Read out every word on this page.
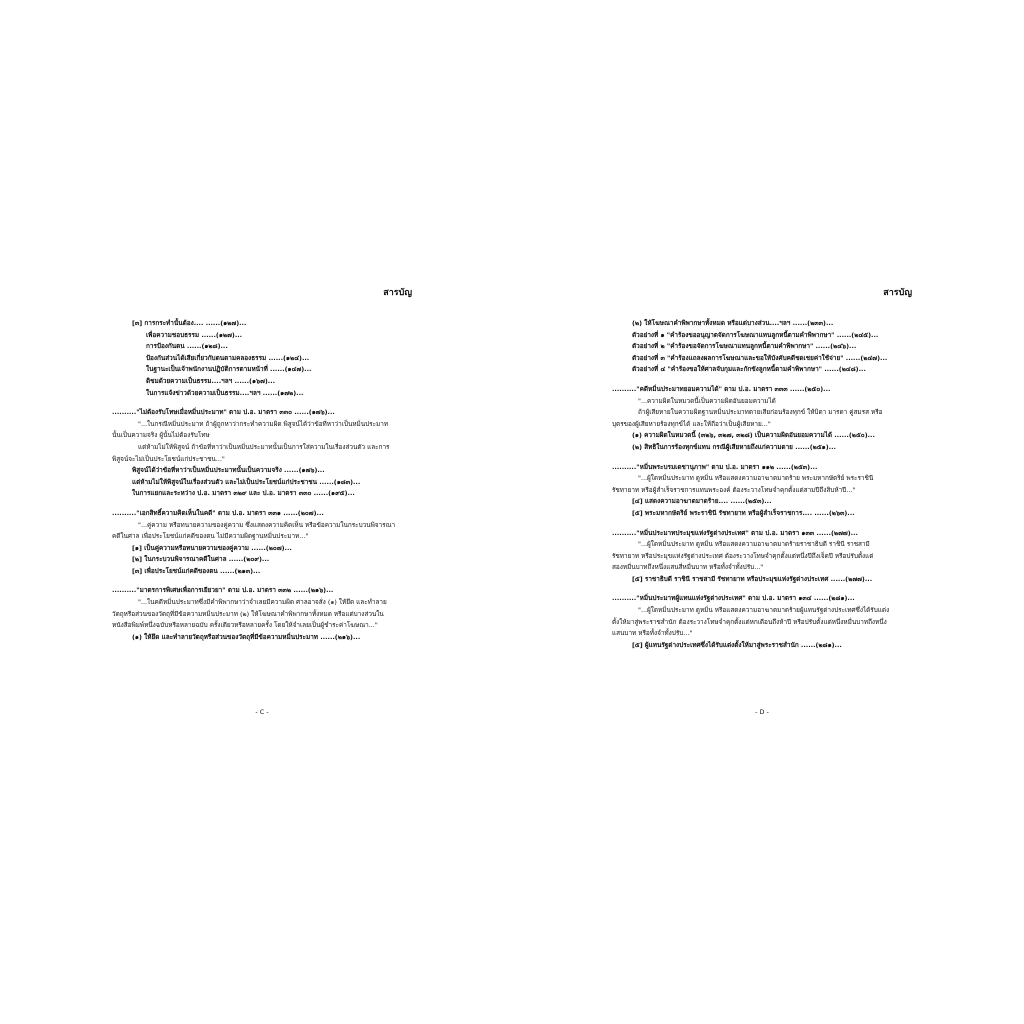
สารบัญ
[๓] การกระทำนั้นต้อง.... ......(๑๒๗)...
เพื่อความชอบธรรม ......(๑๒๗)...
การป้องกันตน ......(๑๒๘)...
ป้องกันส่วนได้เสียเกี่ยวกับตนตามคลองธรรม ......(๑๒๔)...
ในฐานะเป็นเจ้าพนักงานปฏิบัติการตามหน้าที่ ......(๑๔๗)...
ติชมด้วยความเป็นธรรม....ฯลฯ ......(๑๖๗)...
ในการแจ้งข่าวด้วยความเป็นธรรม....ฯลฯ ......(๑๗๒)...
.........."ไม่ต้องรับโทษเมื่อหมิ่นประมาท" ตาม ป.อ. มาตรา ๓๓๐ ......(๑๗๖)...
"...ในกรณีหมิ่นประมาท ถ้าผู้ถูกหาว่ากระทำความผิด พิสูจน์ได้ว่าข้อที่หาว่าเป็นหมิ่นประมาท
นั้นเป็นความจริง ผู้นั้นไม่ต้องรับโทษ
แต่ห้ามไม่ให้พิสูจน์ ถ้าข้อที่หาว่าเป็นหมิ่นประมาทนั้นเป็นการใส่ความในเรื่องส่วนตัว และการ
พิสูจน์จะไม่เป็นประโยชน์แก่ประชาชน..."
พิสูจน์ได้ว่าข้อที่หาว่าเป็นหมิ่นประมาทนั้นเป็นความจริง ......(๑๗๖)...
แต่ห้ามไม่ให้พิสูจน์ในเรื่องส่วนตัว และไม่เป็นประโยชน์แก่ประชาชน ......(๑๘๓)...
ในการแยกและระหว่าง ป.อ. มาตรา ๓๒๙ และ ป.อ. มาตรา ๓๓๐ ......(๑๙๕)...
.........."เอกสิทธิ์ความคิดเห็นในคดี" ตาม ป.อ. มาตรา ๓๓๑ ......(๒๐๗)...
"...คู่ความ หรือทนายความของคู่ความ ซึ่งแสดงความคิดเห็น หรือข้อความในกระบวนพิจารณา
คดีในศาล เพื่อประโยชน์แก่คดีของตน ไม่มีความผิดฐานหมิ่นประมาท..."
[๑] เป็นคู่ความหรือทนายความของคู่ความ ......(๒๐๗)...
[๒] ในกระบวนพิจารณาคดีในศาล ......(๒๐๙)...
[๓] เพื่อประโยชน์แก่คดีของตน ......(๒๑๓)...
.........."มาตรการพิเศษเพื่อการเยียวยา" ตาม ป.อ. มาตรา ๓๓๒ ......(๒๑๖)...
"...ในคดีหมิ่นประมาทซึ่งมีคำพิพากษาว่าจำเลยมีความผิด ศาลอาจสั่ง (๑) ให้ยึด และทำลาย
วัตถุหรือส่วนของวัตถุที่มีข้อความหมิ่นประมาท (๒) ให้โฆษณาคำพิพากษาทั้งหมด หรือแต่บางส่วนใน
หนังสือพิมพ์หนึ่งฉบับหรือหลายฉบับ ครั้งเดียวหรือหลายครั้ง โดยให้จำเลยเป็นผู้ชำระค่าโฆษณา..."
(๑) ให้ยึด และทำลายวัตถุหรือส่วนของวัตถุที่มีข้อความหมิ่นประมาท ......(๒๑๖)...
- C -
สารบัญ
(๒) ให้โฆษณาคำพิพากษาทั้งหมด หรือแต่บางส่วน....ฯลฯ ......(๒๓๓)...
ตัวอย่างที่ ๑ "คำร้องขออนุญาตจัดการโฆษณาแทนลูกหนี้ตามคำพิพากษา" ......(๒๔๕)...
ตัวอย่างที่ ๒ "คำร้องขอจัดการโฆษณาแทนลูกหนี้ตามคำพิพากษา" ......(๒๔๖)...
ตัวอย่างที่ ๓ "คำร้องแถลงผลการโฆษณาและขอให้บังคับคดีชดเชยค่าใช้จ่าย" ......(๒๔๗)...
ตัวอย่างที่ ๔ "คำร้องขอให้ศาลจับกุมและกักขังลูกหนี้ตามคำพิพากษา" ......(๒๔๘)...
.........."คดีหมิ่นประมาทยอมความได้" ตาม ป.อ. มาตรา ๓๓๓ ......(๒๕๐)...
"...ความผิดในหมวดนี้เป็นความผิดอันยอมความได้
ถ้าผู้เสียหายในความผิดฐานหมิ่นประมาทตายเสียก่อนร้องทุกข์ ให้บิดา มารดา คู่สมรส หรือ
บุตรของผู้เสียหายร้องทุกข์ได้ และให้ถือว่าเป็นผู้เสียหาย..."
(๑) ความผิดในหมวดนี้ (๓๒๖, ๓๒๗, ๓๒๘) เป็นความผิดอันยอมความได้ ......(๒๕๐)...
(๒) สิทธิในการร้องทุกข์แทน กรณีผู้เสียหายถึงแก่ความตาย ......(๒๕๑)...
.........."หมิ่นพระบรมเดชานุภาพ" ตาม ป.อ. มาตรา ๑๑๒ ......(๒๕๓)...
"...ผู้ใดหมิ่นประมาท ดูหมิ่น หรือแสดงความอาฆาตมาดร้าย พระมหากษัตริย์ พระราชินี
รัชทายาท หรือผู้สำเร็จราชการแทนพระองค์ ต้องระวางโทษจำคุกตั้งแต่สามปีถึงสิบห้าปี..."
[๔] แสดงความอาฆาตมาดร้าย.... ......(๒๕๓)...
[๕] พระมหากษัตริย์ พระราชินี รัชทายาท หรือผู้สำเร็จราชการ.... ......(๒๖๓)...
.........."หมิ่นประมาทประมุขแห่งรัฐต่างประเทศ" ตาม ป.อ. มาตรา ๑๓๓ ......(๒๗๗)...
"...ผู้ใดหมิ่นประมาท ดูหมิ่น หรือแสดงความอาฆาตมาดร้ายราชาธิบดี ราชินี ราชสามี
รัชทายาท หรือประมุขแห่งรัฐต่างประเทศ ต้องระวางโทษจำคุกตั้งแต่หนึ่งปีถึงเจ็ดปี หรือปรับตั้งแต่
สองหมื่นบาทถึงหนึ่งแสนสี่หมื่นบาท หรือทั้งจำทั้งปรับ..."
[๕] ราชาธิบดี ราชินี ราชสามี รัชทายาท หรือประมุขแห่งรัฐต่างประเทศ ......(๒๗๗)...
.........."หมิ่นประมาทผู้แทนแห่งรัฐต่างประเทศ" ตาม ป.อ. มาตรา ๑๓๔ ......(๒๘๑)...
"...ผู้ใดหมิ่นประมาท ดูหมิ่น หรือแสดงความอาฆาตมาดร้ายผู้แทนรัฐต่างประเทศซึ่งได้รับแต่ง
ตั้งให้มาสู่พระราชสำนัก ต้องระวางโทษจำคุกตั้งแต่หกเดือนถึงห้าปี หรือปรับตั้งแต่หนึ่งหมื่นบาทถึงหนึ่ง
แสนบาท หรือทั้งจำทั้งปรับ..."
[๕] ผู้แทนรัฐต่างประเทศซึ่งได้รับแต่งตั้งให้มาสู่พระราชสำนัก ......(๒๘๑)...
- D -
